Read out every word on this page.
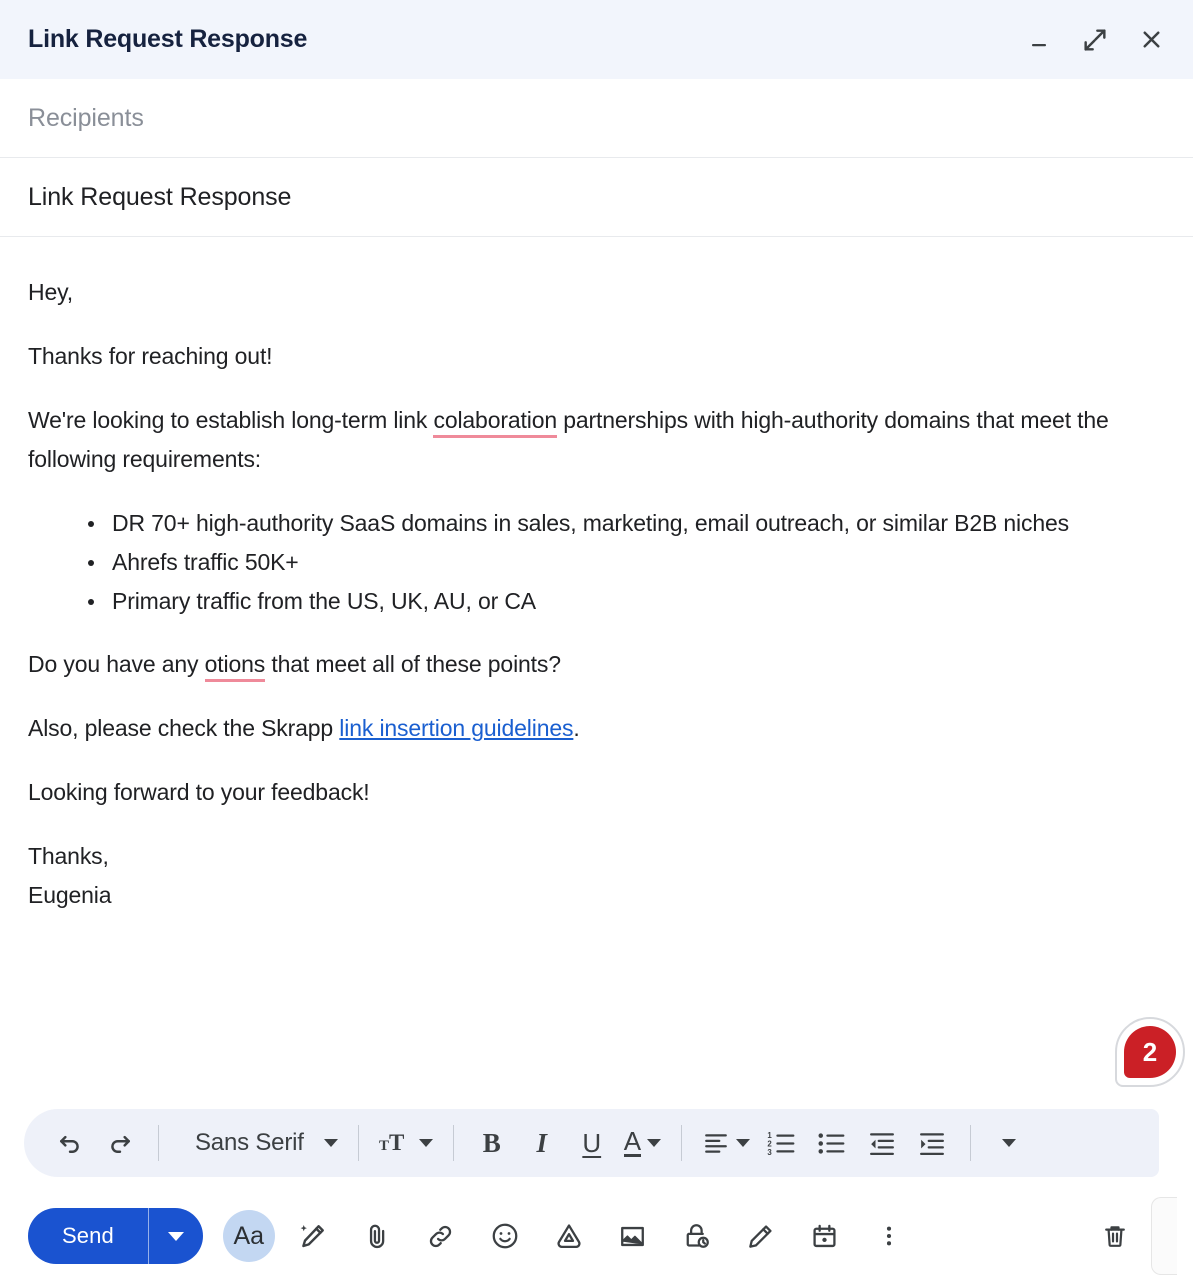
Link Request Response
Recipients
Link Request Response

Hey,

Thanks for reaching out!

We're looking to establish long-term link colaboration partnerships with high-authority domains that meet the following requirements:

DR 70+ high-authority SaaS domains in sales, marketing, email outreach, or similar B2B niches
Ahrefs traffic 50K+
Primary traffic from the US, UK, AU, or CA

Do you have any otions that meet all of these points?

Also, please check the Skrapp link insertion guidelines.

Looking forward to your feedback!

Thanks,
Eugenia

2
Sans Serif	T T	B	I	U A	1
2
3
Send	Aa
